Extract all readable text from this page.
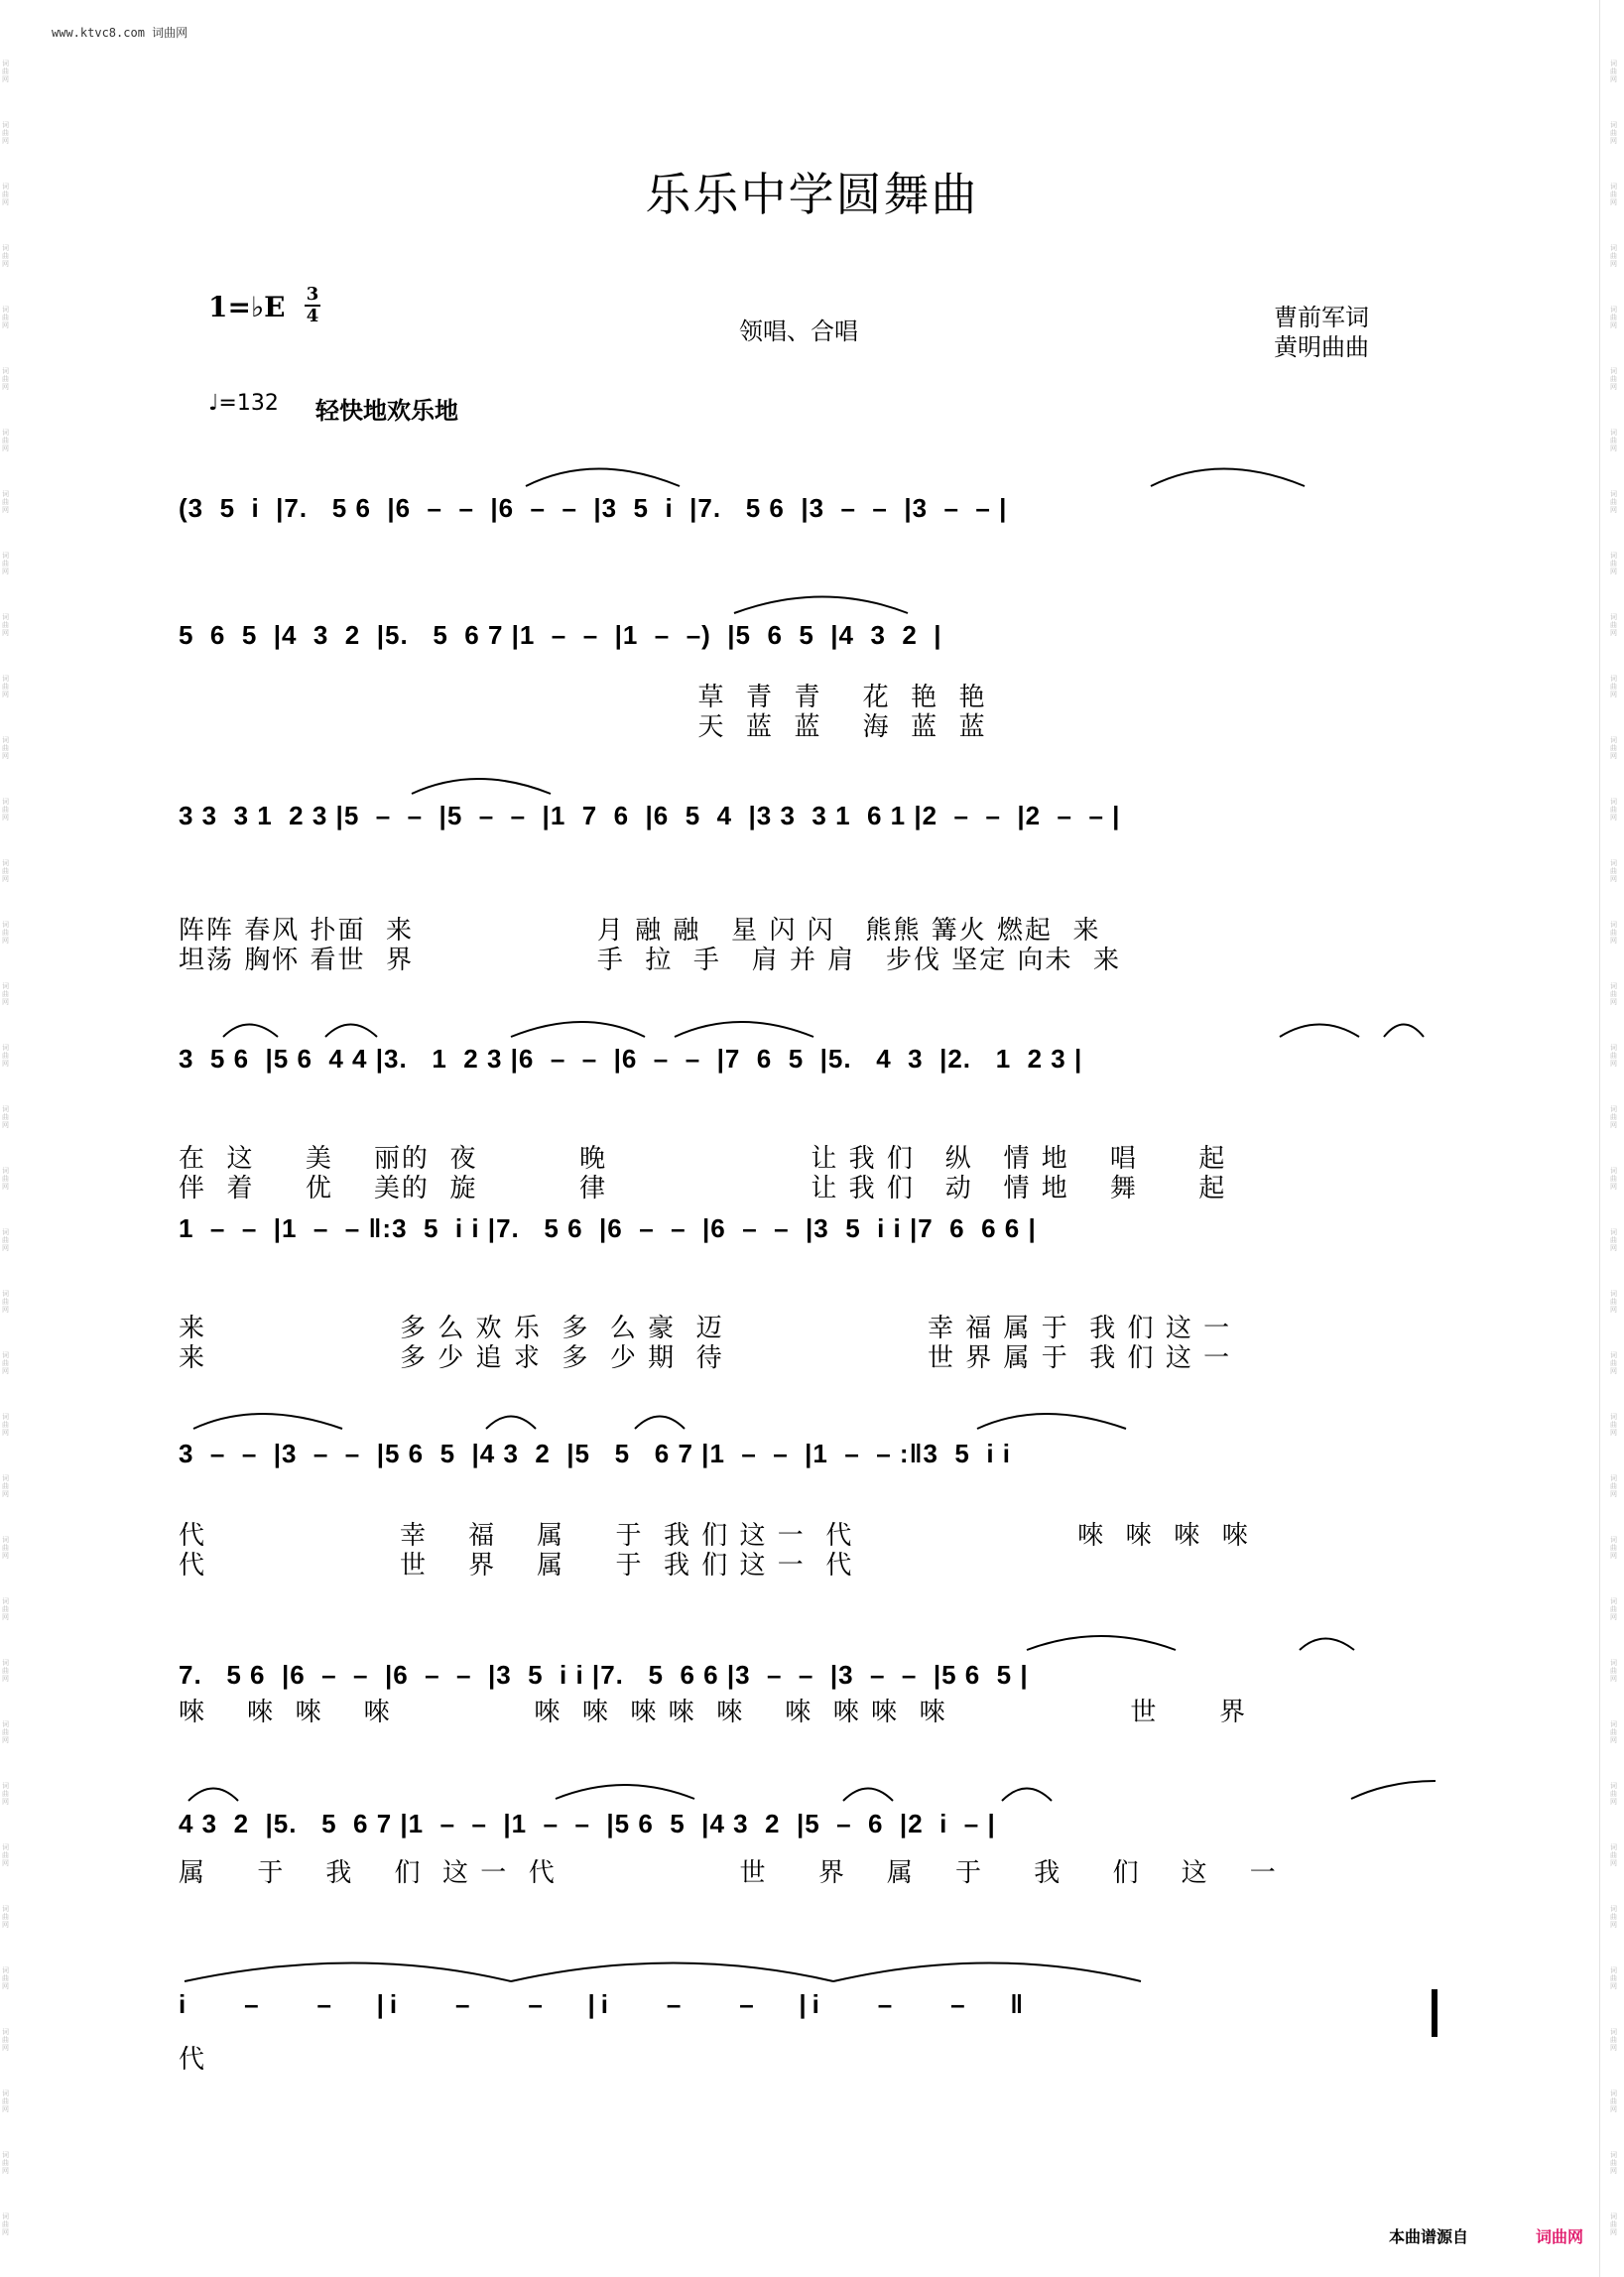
词曲网
词曲网
词曲网
词曲网
词曲网
词曲网
词曲网
词曲网
词曲网
词曲网
词曲网
词曲网
词曲网
词曲网
词曲网
词曲网
词曲网
词曲网
词曲网
词曲网
词曲网
词曲网
词曲网
词曲网
词曲网
词曲网
词曲网
词曲网
词曲网
词曲网
词曲网
词曲网
词曲网
词曲网
词曲网
词曲网
词曲网
词曲网
词曲网
词曲网
词曲网
词曲网
词曲网
词曲网
词曲网
词曲网
词曲网
词曲网
词曲网
词曲网
词曲网
词曲网
词曲网
词曲网
词曲网
词曲网
词曲网
词曲网
词曲网
词曲网
词曲网
词曲网
词曲网
词曲网
词曲网
词曲网
词曲网
词曲网
词曲网
词曲网
词曲网
词曲网
www.ktvc8.com 词曲网
乐乐中学圆舞曲
1=♭E 3
4
领唱、合唱	曹前军词
黄明曲曲
♩=132 轻快地欢乐地
(3  5  i  |7.   5 6  |6  –  –  |6  –  –  |3  5  i  |7.   5 6  |3  –  –  |3  –  – |
5  6  5  |4  3  2  |5.   5  6 7 |1  –  –  |1  –  –)  |5  6  5  |4  3  2  |
草  青  青    花  艳  艳
天  蓝  蓝    海  蓝  蓝
3 3  3 1  2 3 |5  –  –  |5  –  –  |1  7  6  |6  5  4  |3 3  3 1  6 1 |2  –  –  |2  –  – |
阵阵 春风 扑面  来                  月 融 融   星 闪 闪   熊熊 篝火 燃起  来
坦荡 胸怀 看世  界                  手  拉  手   肩 并 肩   步伐 坚定 向未  来
3  5 6  |5 6  4 4 |3.   1  2 3 |6  –  –  |6  –  –  |7  6  5  |5.   4  3  |2.   1  2 3 |
在  这     美    丽的  夜          晚                    让 我 们   纵   情 地    唱      起
伴  着     优    美的  旋          律                    让 我 们   动   情 地    舞      起
1  –  –  |1  –  – ‖:3  5  i i |7.   5 6  |6  –  –  |6  –  –  |3  5  i i |7  6  6 6 |
来                   多 么 欢 乐  多  么 豪  迈                    幸 福 属 于  我 们 这 一
来                   多 少 追 求  多  少 期  待                    世 界 属 于  我 们 这 一
3  –  –  |3  –  –  |5 6  5  |4 3  2  |5   5   6 7 |1  –  –  |1  –  – :‖3  5  i i
代                   幸    福    属     于  我 们 这 一  代                      唻  唻  唻  唻
代                   世    界    属     于  我 们 这 一  代
7.   5 6  |6  –  –  |6  –  –  |3  5  i i |7.   5  6 6 |3  –  –  |3  –  –  |5 6  5 |
唻    唻  唻    唻              唻  唻  唻 唻  唻    唻  唻 唻  唻                  世      界
4 3  2  |5.   5  6 7 |1  –  –  |1  –  –  |5 6  5  |4 3  2  |5  –  6  |2  i  – |
属     于    我    们  这 一  代                  世     界    属    于     我     们    这    一
i    –    –   |i    –    –   |i    –    –   |i    –    –   ‖
代
本曲谱源自	词曲网
